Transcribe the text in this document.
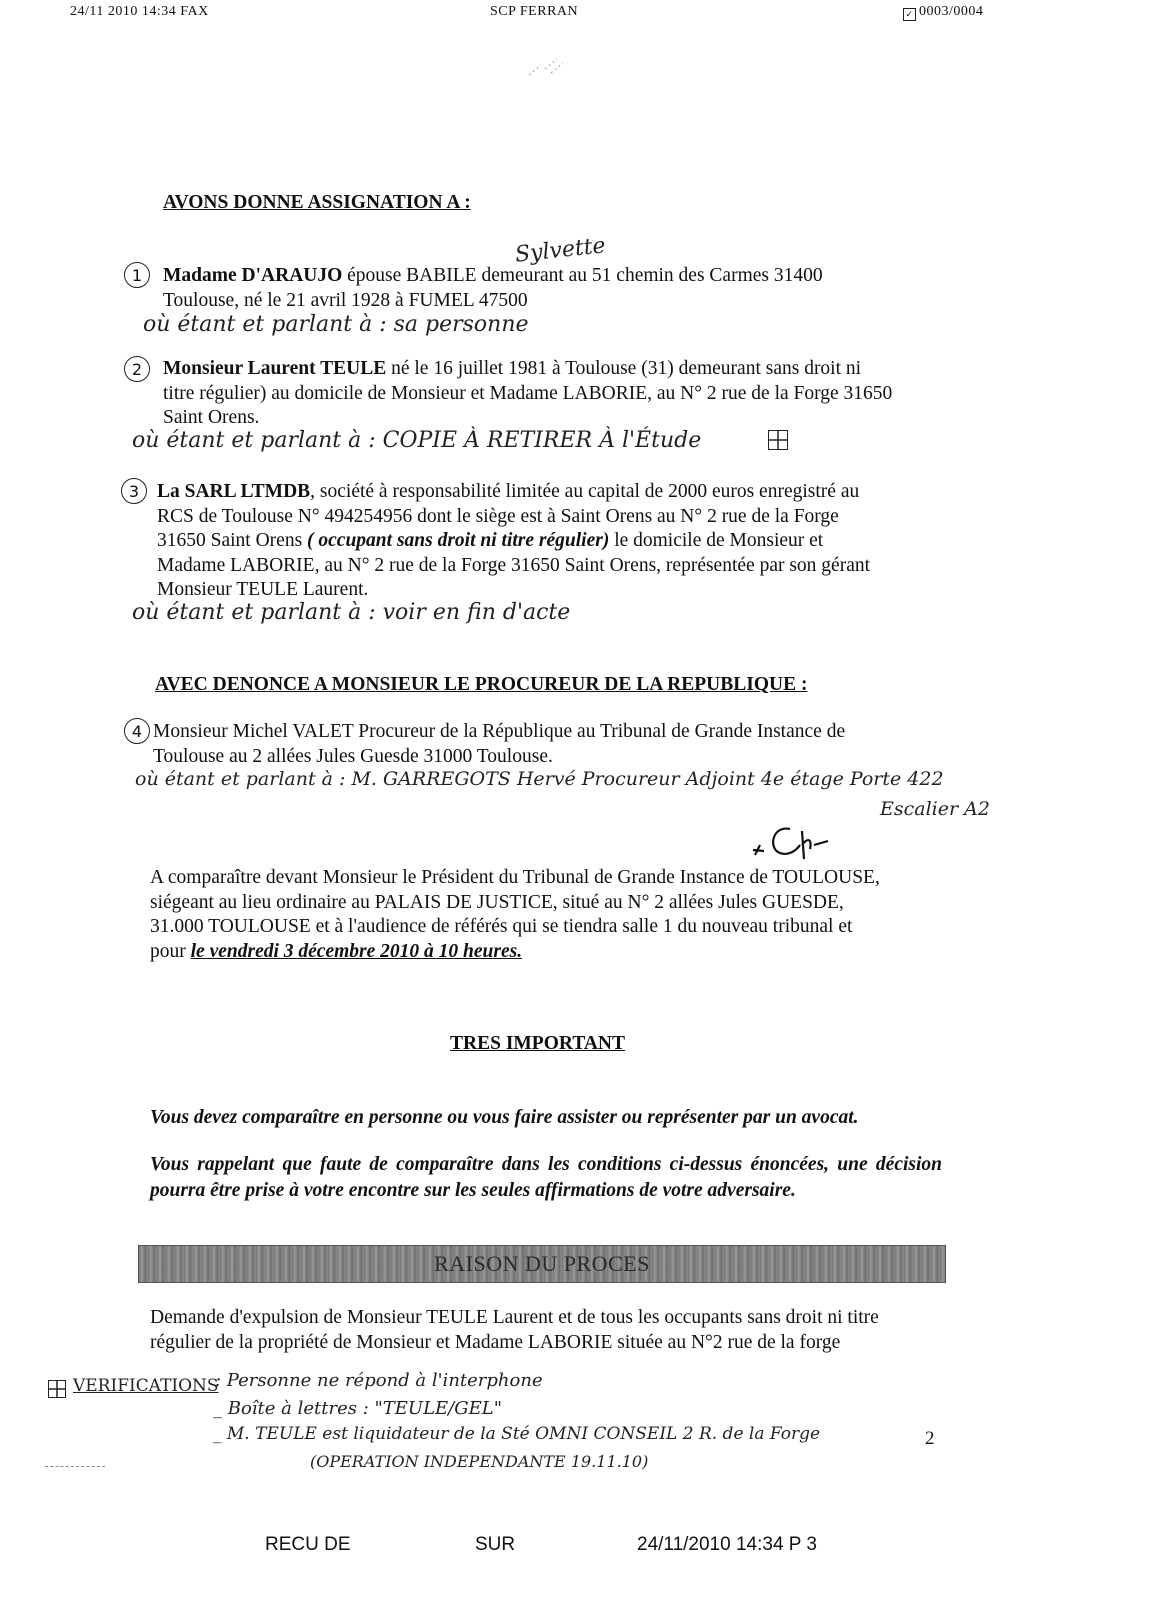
24/11 2010 14:34 FAX	SCP FERRAN	✓ 0003/0004
AVONS DONNE ASSIGNATION A :
Sylvette
1	Madame D'ARAUJO épouse BABILE demeurant au 51 chemin des Carmes 31400
Toulouse, né le 21 avril 1928 à FUMEL 47500
où étant et parlant à : sa personne
2	Monsieur Laurent TEULE né le 16 juillet 1981 à Toulouse (31) demeurant sans droit ni
titre régulier) au domicile de Monsieur et Madame LABORIE, au N° 2 rue de la Forge 31650
Saint Orens.
où étant et parlant à : COPIE À RETIRER À l'Étude
3 La SARL LTMDB, société à responsabilité limitée au capital de 2000 euros enregistré au
RCS de Toulouse N° 494254956 dont le siège est à Saint Orens au N° 2 rue de la Forge
31650 Saint Orens ( occupant sans droit ni titre régulier) le domicile de Monsieur et
Madame LABORIE, au N° 2 rue de la Forge 31650 Saint Orens, représentée par son gérant
Monsieur TEULE Laurent.
où étant et parlant à : voir en fin d'acte
AVEC DENONCE A MONSIEUR LE PROCUREUR DE LA REPUBLIQUE :
4 Monsieur Michel VALET Procureur de la République au Tribunal de Grande Instance de
Toulouse au 2 allées Jules Guesde 31000 Toulouse.
où étant et parlant à : M. GARREGOTS Hervé Procureur Adjoint 4e étage Porte 422
Escalier A2
A comparaître devant Monsieur le Président du Tribunal de Grande Instance de TOULOUSE,
siégeant au lieu ordinaire au PALAIS DE JUSTICE, situé au N° 2 allées Jules GUESDE,
31.000 TOULOUSE et à l'audience de référés qui se tiendra salle 1 du nouveau tribunal et
pour le vendredi 3 décembre 2010 à 10 heures.
TRES IMPORTANT
Vous devez comparaître en personne ou vous faire assister ou représenter par un avocat.
Vous rappelant que faute de comparaître dans les conditions ci-dessus énoncées, une décision pourra être prise à votre encontre sur les seules affirmations de votre adversaire.
RAISON DU PROCES
Demande d'expulsion de Monsieur TEULE Laurent et de tous les occupants sans droit ni titre
régulier de la propriété de Monsieur et Madame LABORIE située au N°2 rue de la forge
VERIFICATIONS
: Personne ne répond à l'interphone
_ Boîte à lettres : "TEULE/GEL"
_ M. TEULE est liquidateur de la Sté OMNI CONSEIL 2 R. de la Forge
(OPERATION INDEPENDANTE 19.11.10)
2
RECU DE	SUR	24/11/2010 14:34 P 3
